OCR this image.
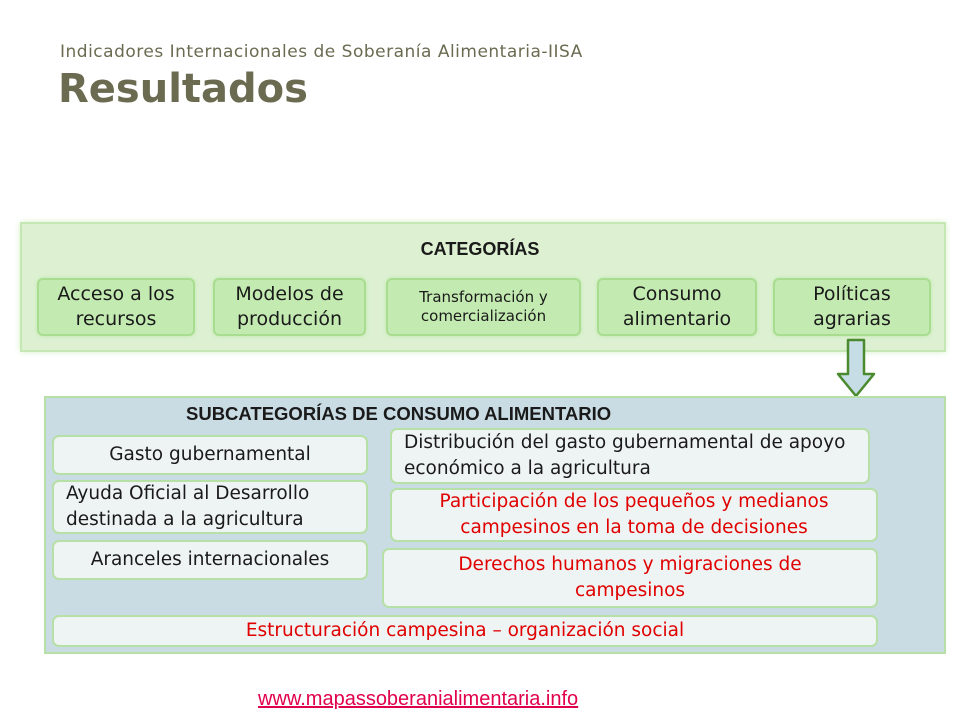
Indicadores Internacionales de Soberanía Alimentaria-IISA
Resultados
CATEGORÍAS
Acceso a los recursos
Modelos de producción
Transformación y comercialización
Consumo alimentario
Políticas agrarias
SUBCATEGORÍAS DE CONSUMO ALIMENTARIO
Gasto gubernamental
Distribución del gasto gubernamental de apoyo económico a la agricultura
Ayuda Oficial al Desarrollo destinada a la agricultura
Participación de los pequeños y medianos campesinos en la toma de decisiones
Aranceles internacionales	Derechos humanos y migraciones de campesinos
Estructuración campesina – organización social
www.mapassoberanialimentaria.info
